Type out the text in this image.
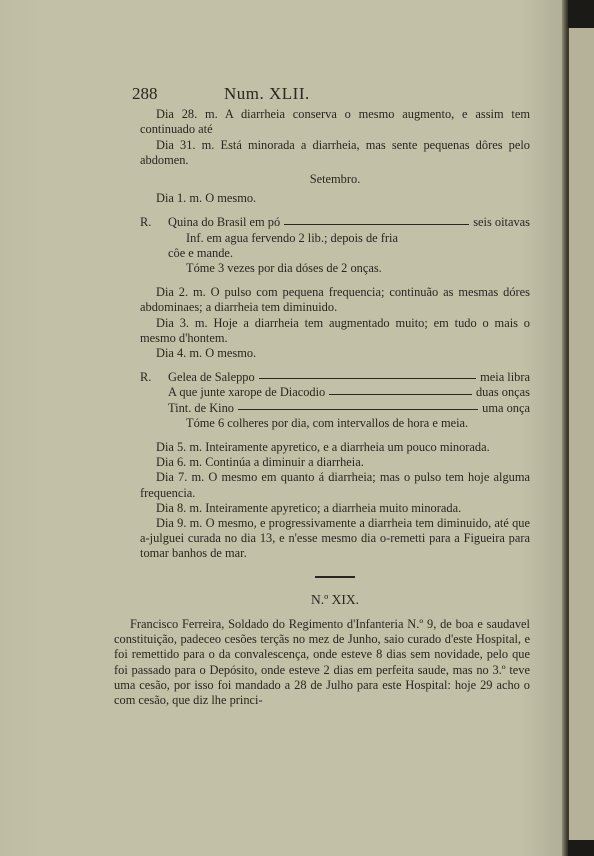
288	Num. XLII.

Dia 28. m. A diarrheia conserva o mesmo augmento, e assim tem continuado até

Dia 31. m. Está minorada a diarrheia, mas sente pequenas dôres pelo abdomen.

Setembro.

Dia 1. m. O mesmo.

R.	Quina do Brasil em pó	seis oitavas

Inf. em agua fervendo 2 lib.; depois de fria

côe e mande.

Tóme 3 vezes por dia dóses de 2 onças.

Dia 2. m. O pulso com pequena frequencia; continuão as mesmas dóres abdominaes; a diarrheia tem diminuido.

Dia 3. m. Hoje a diarrheia tem augmentado muito; em tudo o mais o mesmo d'hontem.

Dia 4. m. O mesmo.

R.	Gelea de Saleppo	meia libra
A que junte xarope de Diacodio	duas onças
Tint. de Kino	uma onça

Tóme 6 colheres por dia, com intervallos de hora e meia.

Dia 5. m. Inteiramente apyretico, e a diarrheia um pouco minorada.

Dia 6. m. Continúa a diminuir a diarrheia.

Dia 7. m. O mesmo em quanto á diarrheia; mas o pulso tem hoje alguma frequencia.

Dia 8. m. Inteiramente apyretico; a diarrheia muito minorada.

Dia 9. m. O mesmo, e progressivamente a diarrheia tem diminuido, até que a-julguei curada no dia 13, e n'esse mesmo dia o-remetti para a Figueira para tomar banhos de mar.

N.º XIX.

Francisco Ferreira, Soldado do Regimento d'Infanteria N.º 9, de boa e saudavel constituição, padeceo cesões terçãs no mez de Junho, saio curado d'este Hospital, e foi remettido para o da convalescença, onde esteve 8 dias sem novidade, pelo que foi passado para o Depósito, onde esteve 2 dias em perfeita saude, mas no 3.º teve uma cesão, por isso foi mandado a 28 de Julho para este Hospital: hoje 29 acho o com cesão, que diz lhe princi-
